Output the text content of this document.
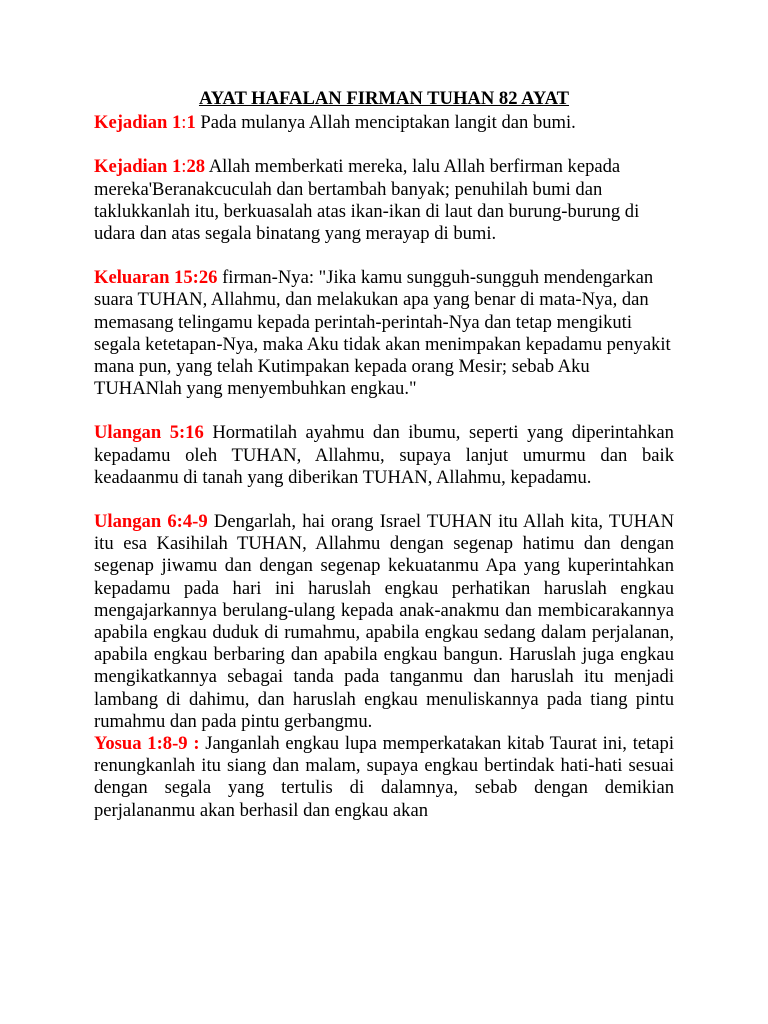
AYAT HAFALAN FIRMAN TUHAN 82 AYAT

Kejadian 1:1 Pada mulanya Allah menciptakan langit dan bumi.

Kejadian 1:28 Allah memberkati mereka, lalu Allah berfirman kepada mereka'Beranakcuculah dan bertambah banyak; penuhilah bumi dan taklukkanlah itu, berkuasalah atas ikan-ikan di laut dan burung-burung di udara dan atas segala binatang yang merayap di bumi.

Keluaran 15:26 firman-Nya: "Jika kamu sungguh-sungguh mendengarkan suara TUHAN, Allahmu, dan melakukan apa yang benar di mata-Nya, dan memasang telingamu kepada perintah-perintah-Nya dan tetap mengikuti segala ketetapan-Nya, maka Aku tidak akan menimpakan kepadamu penyakit mana pun, yang telah Kutimpakan kepada orang Mesir; sebab Aku TUHANlah yang menyembuhkan engkau."

Ulangan 5:16 Hormatilah ayahmu dan ibumu, seperti yang diperintahkan kepadamu oleh TUHAN, Allahmu, supaya lanjut umurmu dan baik keadaanmu di tanah yang diberikan TUHAN, Allahmu, kepadamu.

Ulangan 6:4-9 Dengarlah, hai orang Israel TUHAN itu Allah kita, TUHAN itu esa Kasihilah TUHAN, Allahmu dengan segenap hatimu dan dengan segenap jiwamu dan dengan segenap kekuatanmu Apa yang kuperintahkan kepadamu pada hari ini haruslah engkau perhatikan haruslah engkau mengajarkannya berulang-ulang kepada anak-anakmu dan membicarakannya apabila engkau duduk di rumahmu, apabila engkau sedang dalam perjalanan, apabila engkau berbaring dan apabila engkau bangun. Haruslah juga engkau mengikatkannya sebagai tanda pada tanganmu dan haruslah itu menjadi lambang di dahimu, dan haruslah engkau menuliskannya pada tiang pintu rumahmu dan pada pintu gerbangmu.

Yosua 1:8-9 : Janganlah engkau lupa memperkatakan kitab Taurat ini, tetapi renungkanlah itu siang dan malam, supaya engkau bertindak hati-hati sesuai dengan segala yang tertulis di dalamnya, sebab dengan demikian perjalananmu akan berhasil dan engkau akan
